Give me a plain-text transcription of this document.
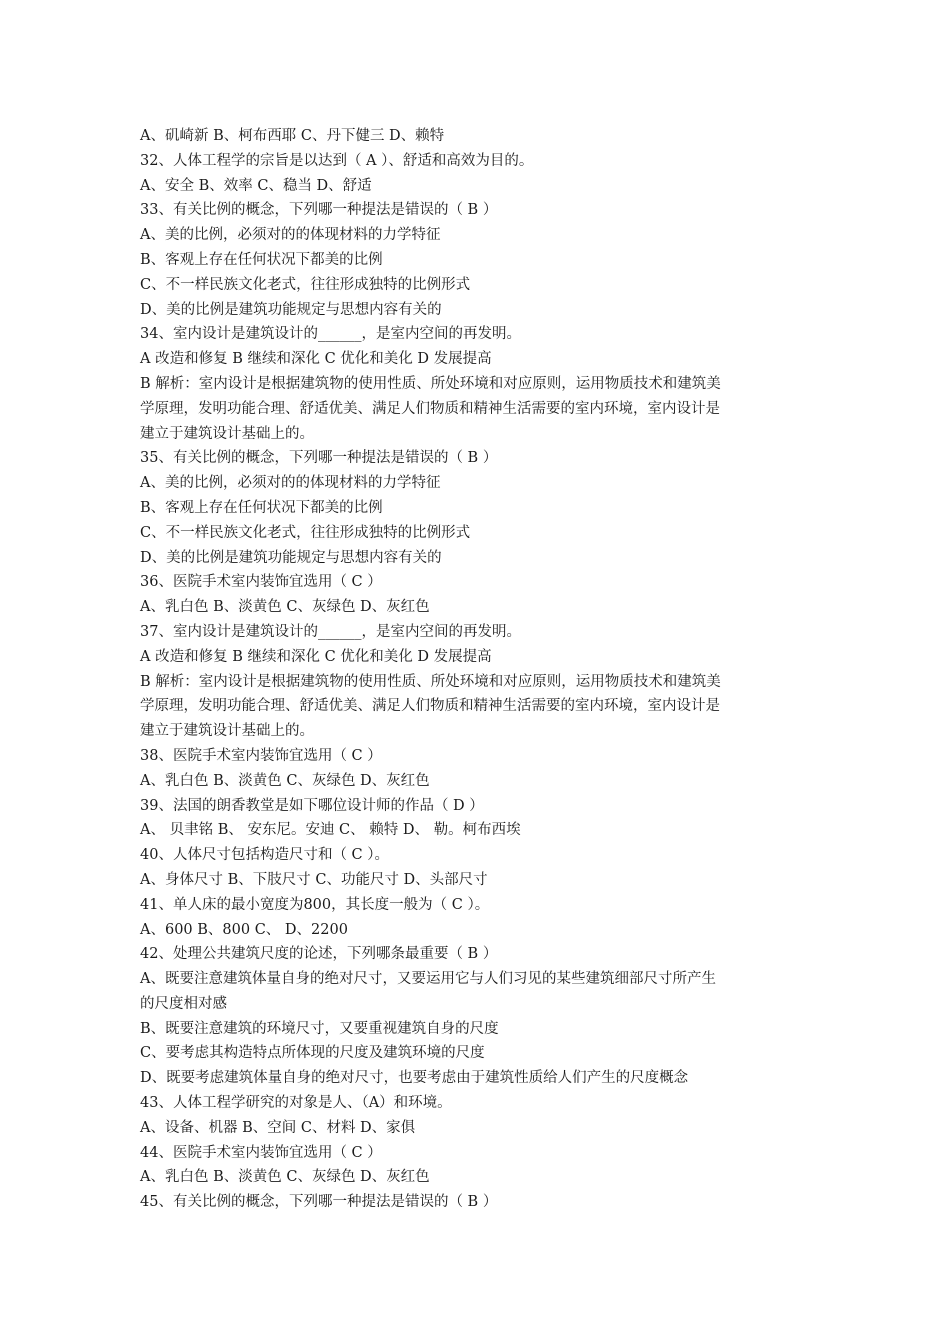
A、矶崎新 B、柯布西耶 C、丹下健三 D、赖特
32、人体工程学的宗旨是以达到（ A ）、舒适和高效为目的。
A、安全 B、效率 C、稳当 D、舒适
33、有关比例的概念，下列哪一种提法是错误的（ B ）
A、美的比例，必须对的的体现材料的力学特征
B、客观上存在任何状况下都美的比例
C、不一样民族文化老式，往往形成独特的比例形式
D、美的比例是建筑功能规定与思想内容有关的
34、室内设计是建筑设计的______，是室内空间的再发明。
A 改造和修复 B 继续和深化 C 优化和美化 D 发展提高
B 解析：室内设计是根据建筑物的使用性质、所处环境和对应原则，运用物质技术和建筑美
学原理，发明功能合理、舒适优美、满足人们物质和精神生活需要的室内环境，室内设计是
建立于建筑设计基础上的。
35、有关比例的概念，下列哪一种提法是错误的（ B ）
A、美的比例，必须对的的体现材料的力学特征
B、客观上存在任何状况下都美的比例
C、不一样民族文化老式，往往形成独特的比例形式
D、美的比例是建筑功能规定与思想内容有关的
36、医院手术室内装饰宜选用（ C ）
A、乳白色 B、淡黄色 C、灰绿色 D、灰红色
37、室内设计是建筑设计的______，是室内空间的再发明。
A 改造和修复 B 继续和深化 C 优化和美化 D 发展提高
B 解析：室内设计是根据建筑物的使用性质、所处环境和对应原则，运用物质技术和建筑美
学原理，发明功能合理、舒适优美、满足人们物质和精神生活需要的室内环境，室内设计是
建立于建筑设计基础上的。
38、医院手术室内装饰宜选用（ C ）
A、乳白色 B、淡黄色 C、灰绿色 D、灰红色
39、法国的朗香教堂是如下哪位设计师的作品（ D ）
A、 贝聿铭 B、 安东尼。安迪 C、 赖特 D、 勒。柯布西埃
40、人体尺寸包括构造尺寸和（ C ）。
A、身体尺寸 B、下肢尺寸 C、功能尺寸 D、头部尺寸
41、单人床的最小宽度为800，其长度一般为（ C ）。
A、600 B、800 C、 D、2200
42、处理公共建筑尺度的论述，下列哪条最重要（ B ）
A、既要注意建筑体量自身的绝对尺寸，又要运用它与人们习见的某些建筑细部尺寸所产生
的尺度相对感
B、既要注意建筑的环境尺寸，又要重视建筑自身的尺度
C、要考虑其构造特点所体现的尺度及建筑环境的尺度
D、既要考虑建筑体量自身的绝对尺寸，也要考虑由于建筑性质给人们产生的尺度概念
43、人体工程学研究的对象是人、（A）和环境。
A、设备、机器 B、空间 C、材料 D、家俱
44、医院手术室内装饰宜选用（ C ）
A、乳白色 B、淡黄色 C、灰绿色 D、灰红色
45、有关比例的概念，下列哪一种提法是错误的（ B ）
